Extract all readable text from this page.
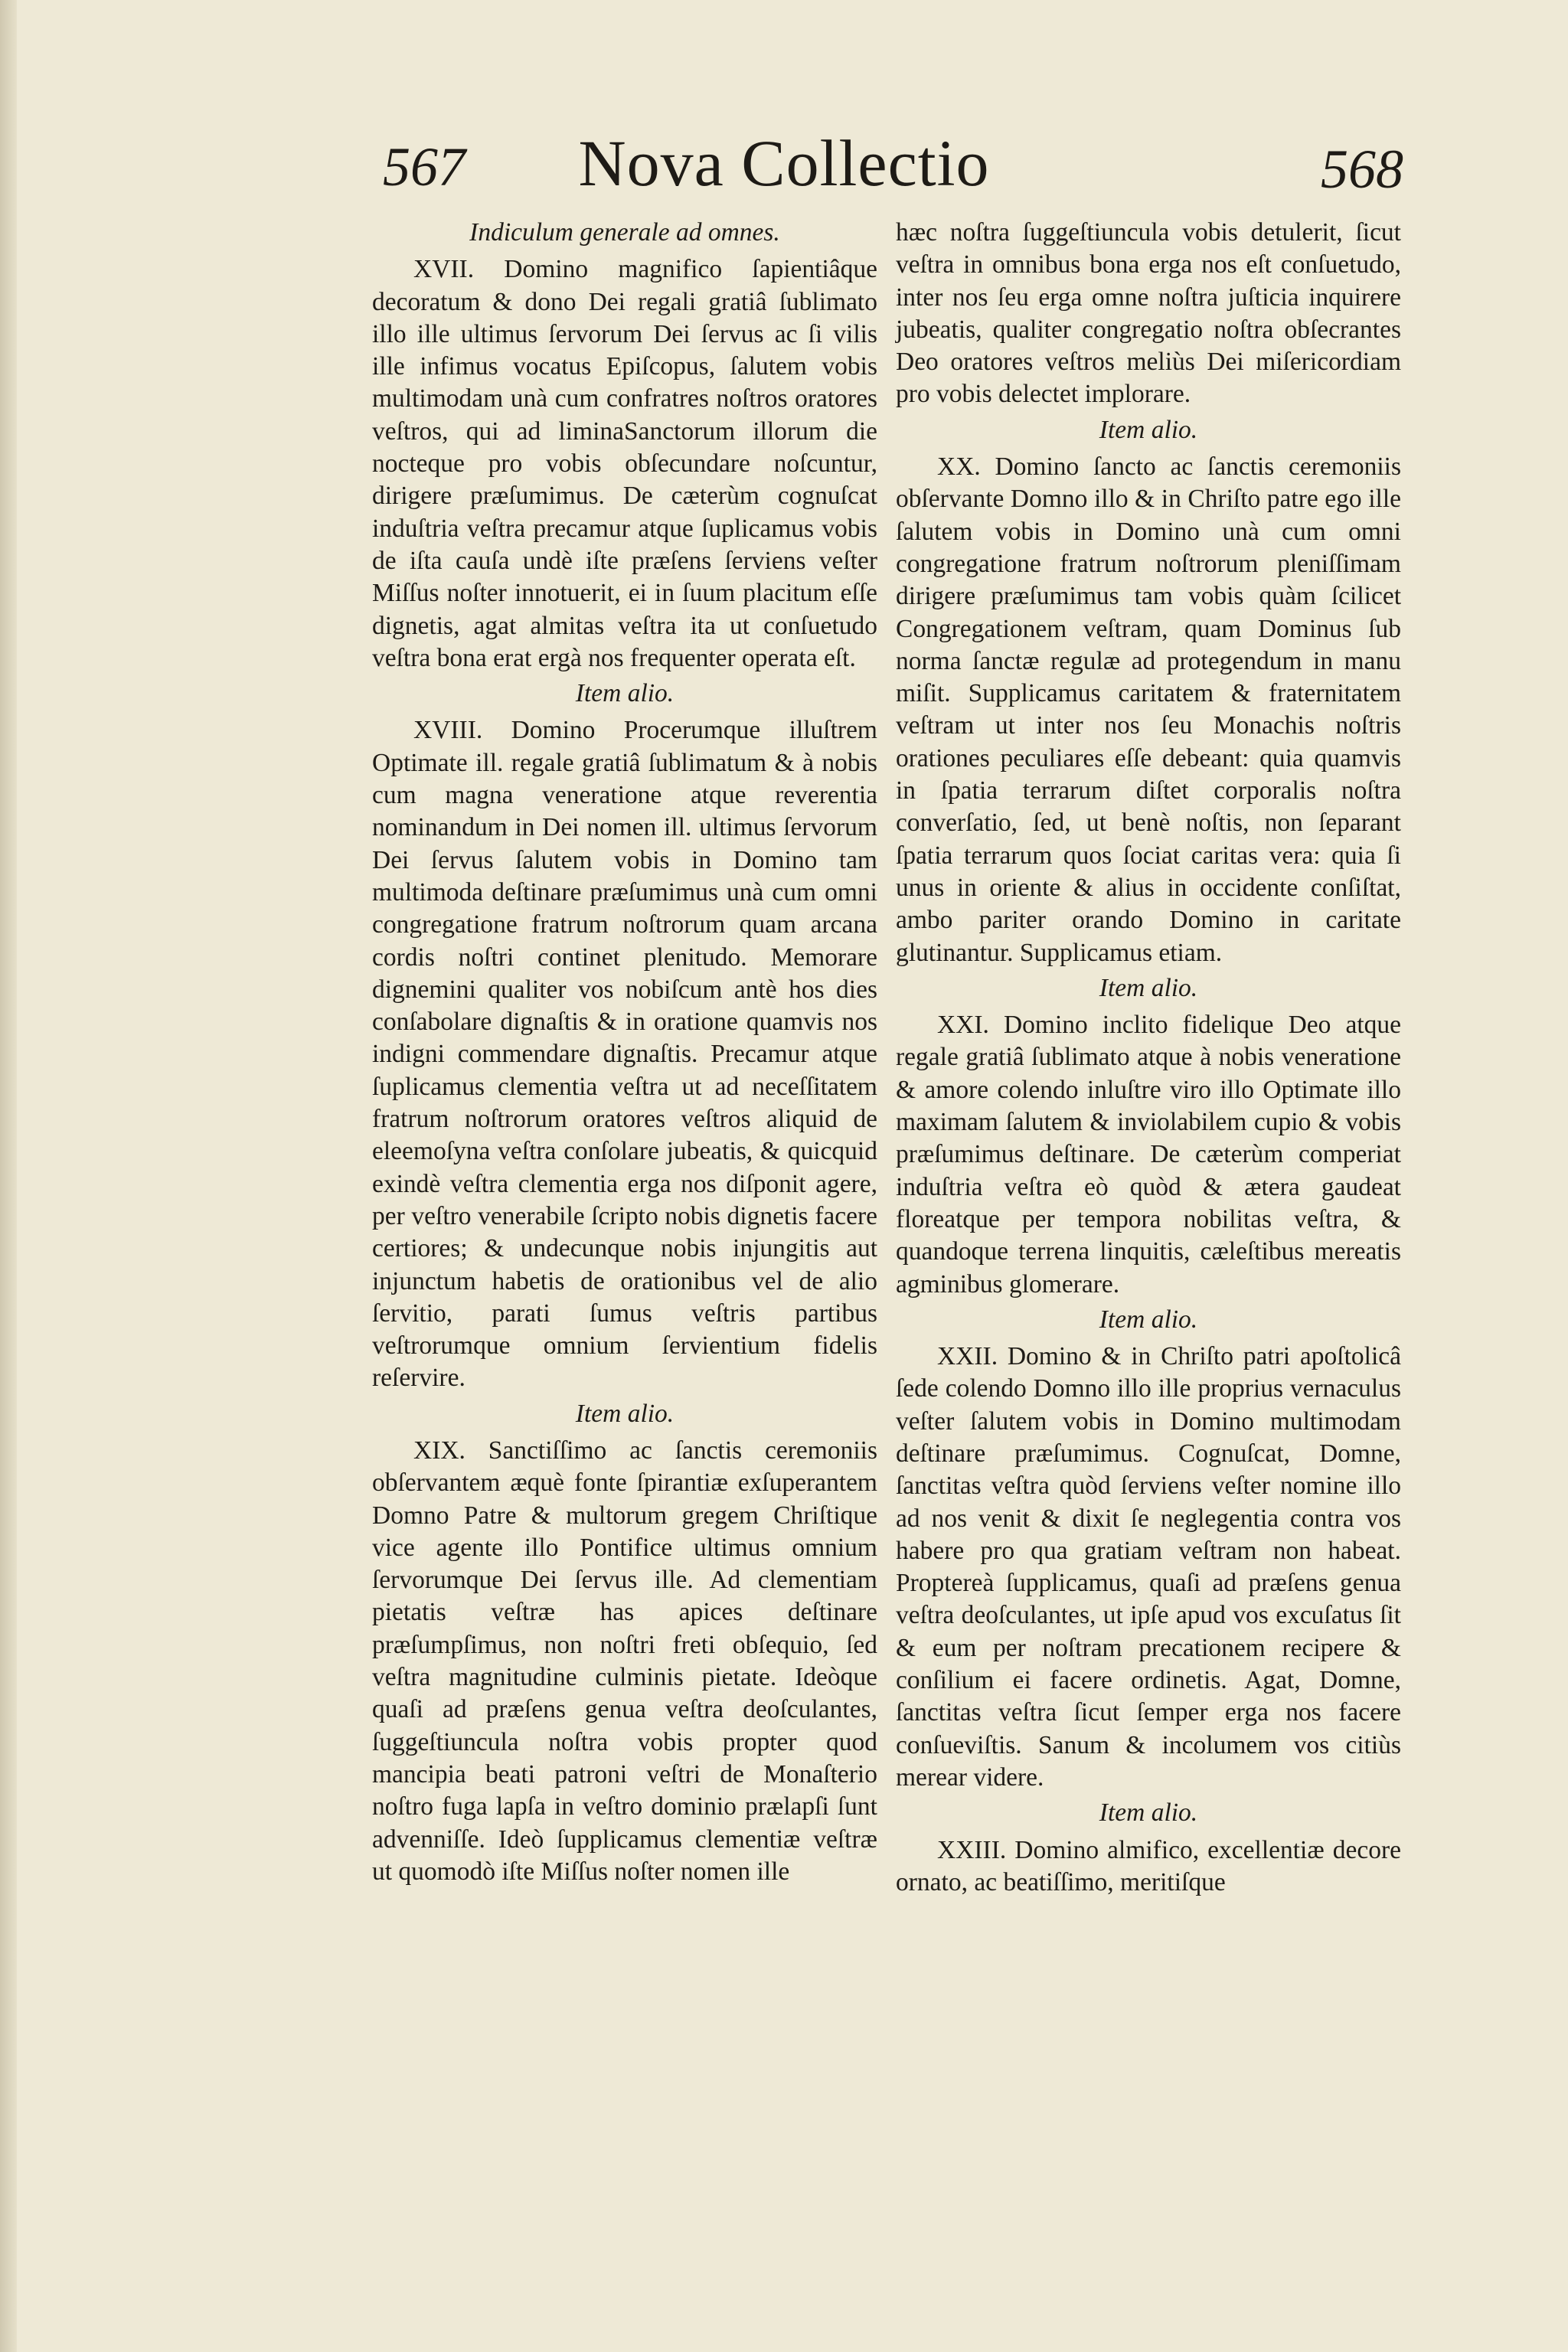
567	Nova Collectio	568

Indiculum generale ad omnes.

XVII. Domino magnifico ſapientiâque decoratum & dono Dei regali gratiâ ſublimato illo ille ultimus ſervorum Dei ſervus ac ſi vilis ille infimus vocatus Epiſcopus, ſalutem vobis multimodam unà cum confratres noſtros oratores veſtros, qui ad liminaSanctorum illorum die nocteque pro vobis obſecundare noſcuntur, dirigere præſumimus. De cæterùm cognuſcat induſtria veſtra precamur atque ſuplicamus vobis de iſta cauſa undè iſte præſens ſerviens veſter Miſſus noſter innotuerit, ei in ſuum placitum eſſe dignetis, agat almitas veſtra ita ut conſuetudo veſtra bona erat ergà nos frequenter operata eſt.

Item alio.

XVIII. Domino Procerumque illuſtrem Optimate ill. regale gratiâ ſublimatum & à nobis cum magna veneratione atque reverentia nominandum in Dei nomen ill. ultimus ſervorum Dei ſervus ſalutem vobis in Domino tam multimoda deſtinare præſumimus unà cum omni congregatione fratrum noſtrorum quam arcana cordis noſtri continet plenitudo. Memorare dignemini qualiter vos nobiſcum antè hos dies conſabolare dignaſtis & in oratione quamvis nos indigni commendare dignaſtis. Precamur atque ſuplicamus clementia veſtra ut ad neceſſitatem fratrum noſtrorum oratores veſtros aliquid de eleemoſyna veſtra conſolare jubeatis, & quicquid exindè veſtra clementia erga nos diſponit agere, per veſtro venerabile ſcripto nobis dignetis facere certiores; & undecunque nobis injungitis aut injunctum habetis de orationibus vel de alio ſervitio, parati ſumus veſtris partibus veſtrorumque omnium ſervientium fidelis reſervire.

Item alio.

XIX. Sanctiſſimo ac ſanctis ceremoniis obſervantem æquè fonte ſpirantiæ exſuperantem Domno Patre & multorum gregem Chriſtique vice agente illo Pontifice ultimus omnium ſervorumque Dei ſervus ille. Ad clementiam pietatis veſtræ has apices deſtinare præſumpſimus, non noſtri freti obſequio, ſed veſtra magnitudine culminis pietate. Ideòque quaſi ad præſens genua veſtra deoſculantes, ſuggeſtiuncula noſtra vobis propter quod mancipia beati patroni veſtri de Monaſterio noſtro fuga lapſa in veſtro dominio prælapſi ſunt advenniſſe. Ideò ſupplicamus clementiæ veſtræ ut quomodò iſte Miſſus noſter nomen ille

hæc noſtra ſuggeſtiuncula vobis detulerit, ſicut veſtra in omnibus bona erga nos eſt conſuetudo, inter nos ſeu erga omne noſtra juſticia inquirere jubeatis, qualiter congregatio noſtra obſecrantes Deo oratores veſtros meliùs Dei miſericordiam pro vobis delectet implorare.

Item alio.

XX. Domino ſancto ac ſanctis ceremoniis obſervante Domno illo & in Chriſto patre ego ille ſalutem vobis in Domino unà cum omni congregatione fratrum noſtrorum pleniſſimam dirigere præſumimus tam vobis quàm ſcilicet Congregationem veſtram, quam Dominus ſub norma ſanctæ regulæ ad protegendum in manu miſit. Supplicamus caritatem & fraternitatem veſtram ut inter nos ſeu Monachis noſtris orationes peculiares eſſe debeant: quia quamvis in ſpatia terrarum diſtet corporalis noſtra converſatio, ſed, ut benè noſtis, non ſeparant ſpatia terrarum quos ſociat caritas vera: quia ſi unus in oriente & alius in occidente conſiſtat, ambo pariter orando Domino in caritate glutinantur. Supplicamus etiam.

Item alio.

XXI. Domino inclito fidelique Deo atque regale gratiâ ſublimato atque à nobis veneratione & amore colendo inluſtre viro illo Optimate illo maximam ſalutem & inviolabilem cupio & vobis præſumimus deſtinare. De cæterùm comperiat induſtria veſtra eò quòd & ætera gaudeat floreatque per tempora nobilitas veſtra, & quandoque terrena linquitis, cæleſtibus mereatis agminibus glomerare.

Item alio.

XXII. Domino & in Chriſto patri apoſtolicâ ſede colendo Domno illo ille proprius vernaculus veſter ſalutem vobis in Domino multimodam deſtinare præſumimus. Cognuſcat, Domne, ſanctitas veſtra quòd ſerviens veſter nomine illo ad nos venit & dixit ſe neglegentia contra vos habere pro qua gratiam veſtram non habeat. Propterеà ſupplicamus, quaſi ad præſens genua veſtra deoſculantes, ut ipſe apud vos excuſatus ſit & eum per noſtram precationem recipere & conſilium ei facere ordinetis. Agat, Domne, ſanctitas veſtra ſicut ſemper erga nos facere conſueviſtis. Sanum & incolumem vos citiùs merear videre.

Item alio.

XXIII. Domino almifico, excellentiæ decore ornato, ac beatiſſimo, meritiſque
